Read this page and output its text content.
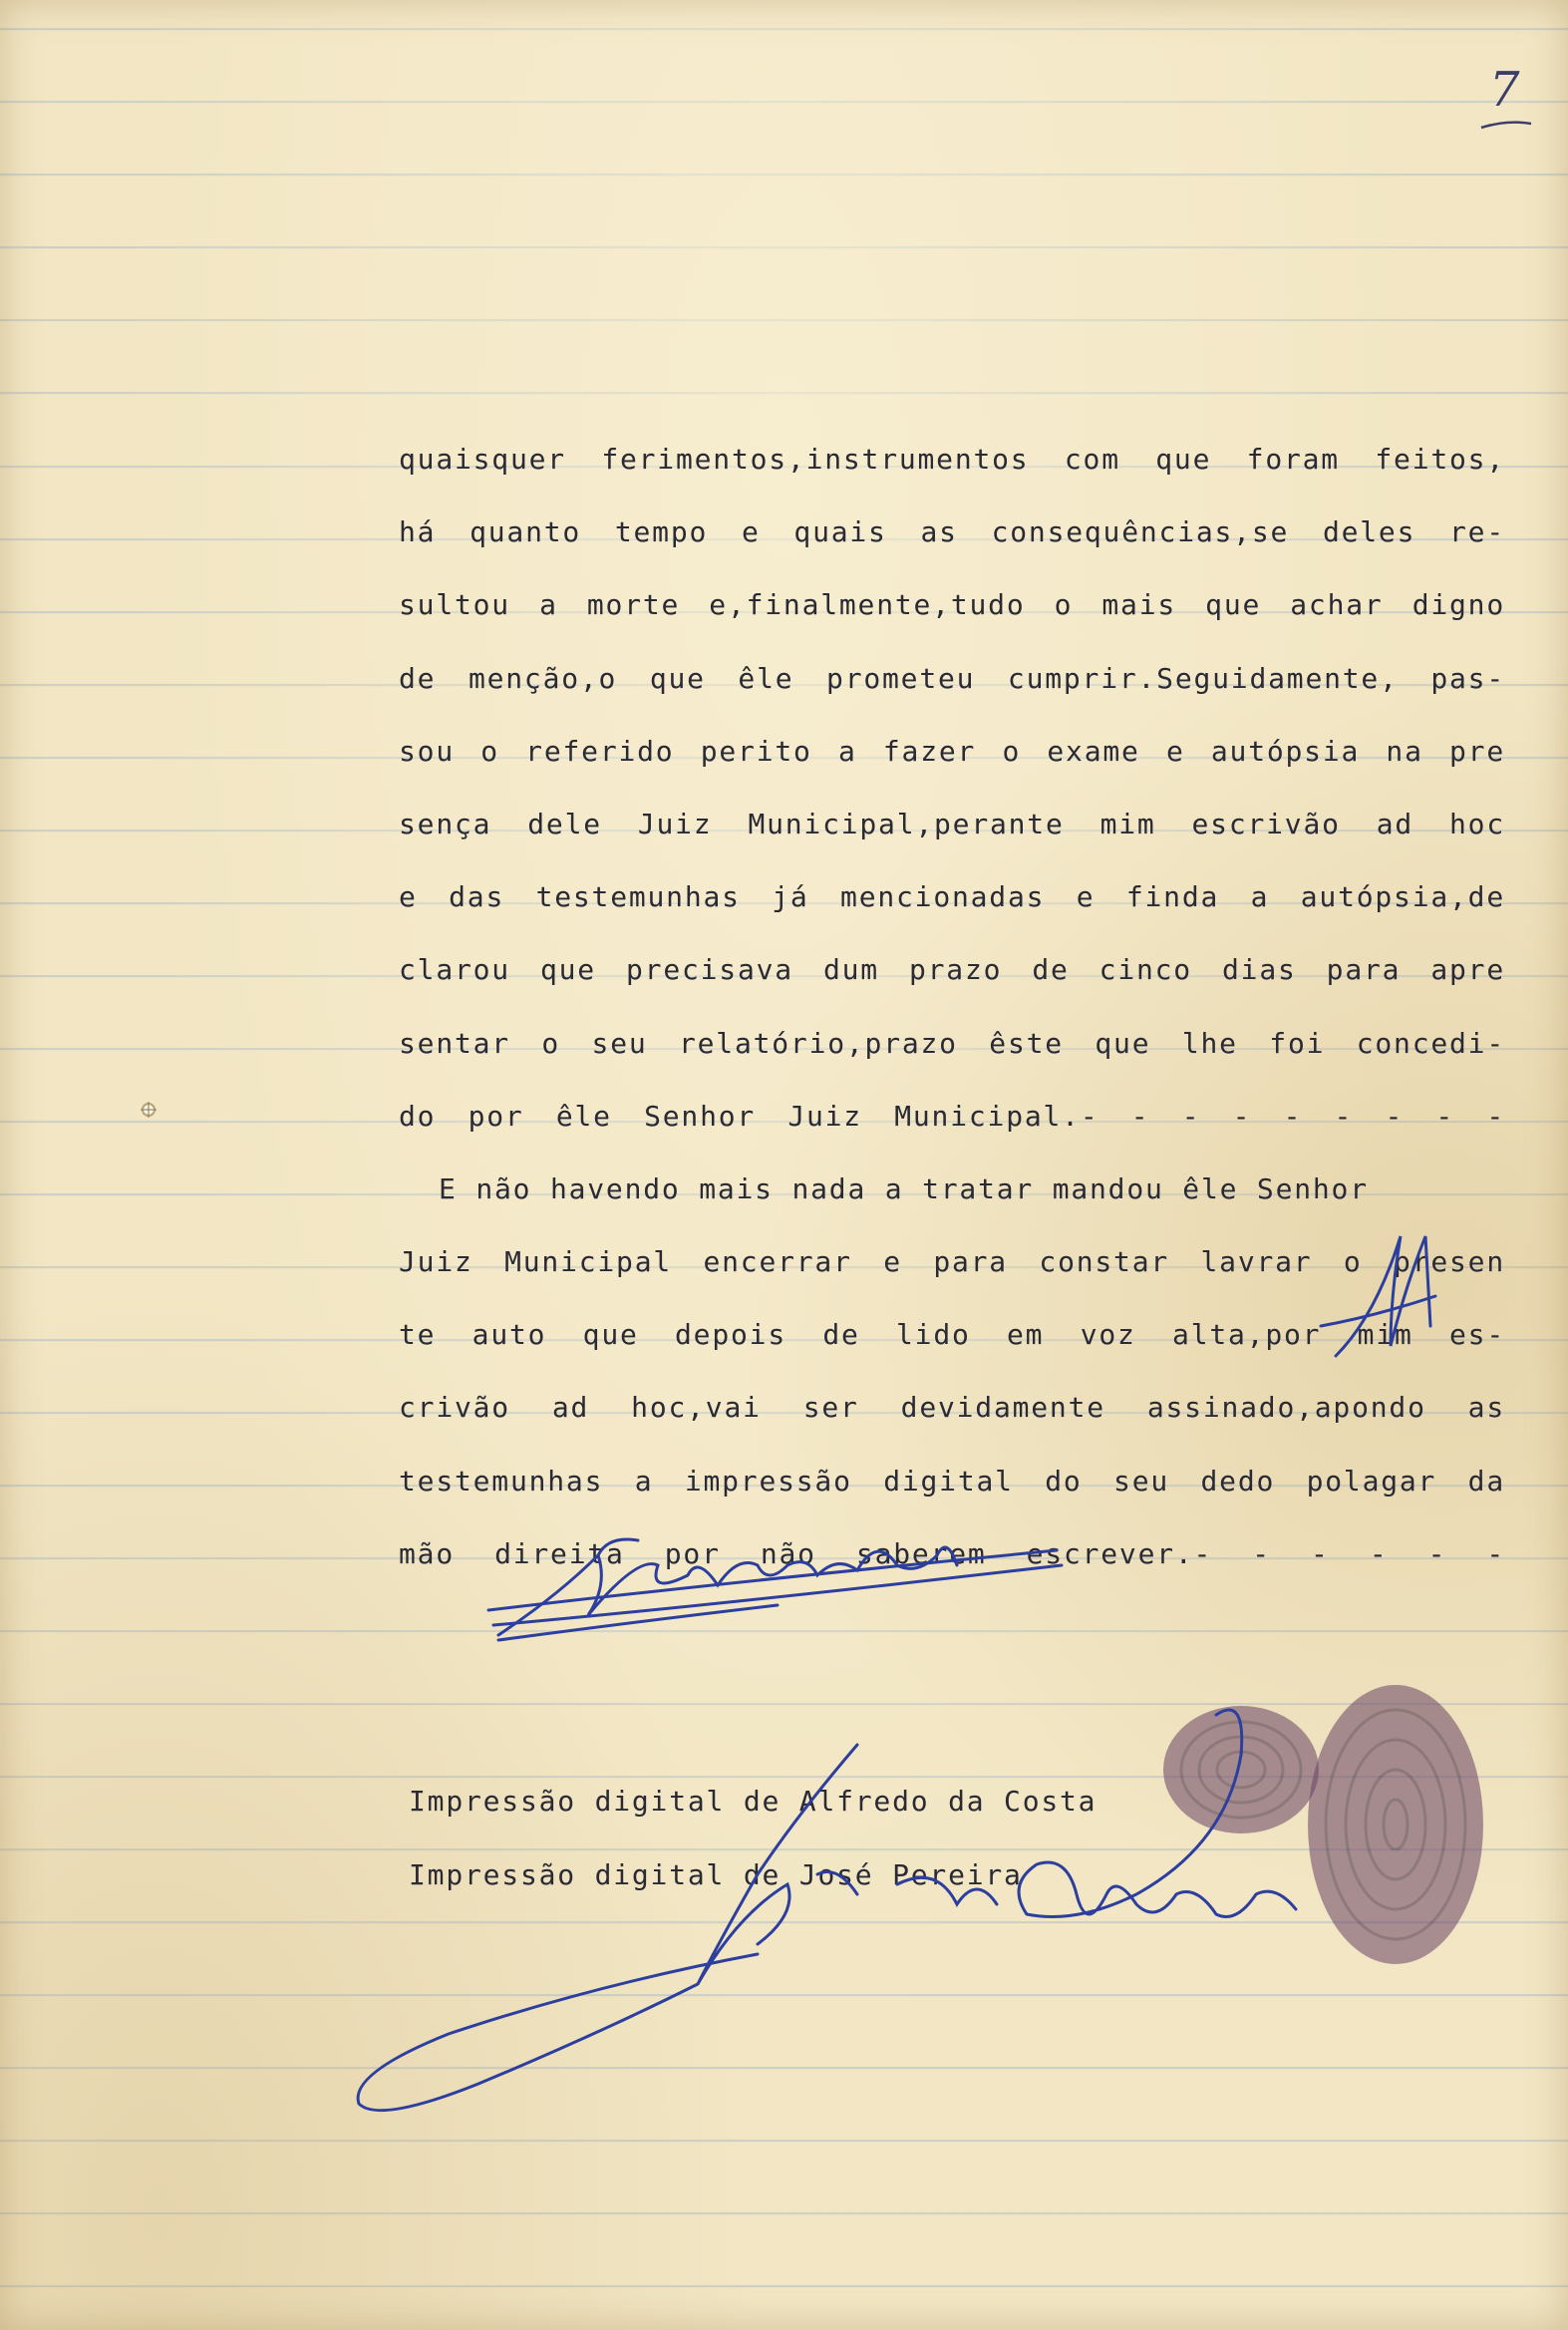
7
quaisquer ferimentos,instrumentos com que foram feitos,
há quanto tempo e quais as consequências,se deles re-
sultou a morte e,finalmente,tudo o mais que achar digno
de menção,o que êle prometeu cumprir.Seguidamente, pas-
sou o referido perito a fazer o exame e autópsia na pre
sença dele Juiz Municipal,perante mim escrivão ad hoc
e das testemunhas já mencionadas e finda a autópsia,de
clarou que precisava dum prazo de cinco dias para apre
sentar o seu relatório,prazo êste que lhe foi concedi-
do por êle Senhor Juiz Municipal.- - - - - - - - -
E não havendo mais nada a tratar mandou êle Senhor
Juiz Municipal encerrar e para constar lavrar o presen
te auto que depois de lido em voz alta,por mim es-
crivão ad hoc,vai ser devidamente assinado,apondo as
testemunhas a impressão digital do seu dedo polagar da
mão direita por não saberem escrever.- - - - - -
Impressão digital de Alfredo da Costa
Impressão digital de José Pereira
